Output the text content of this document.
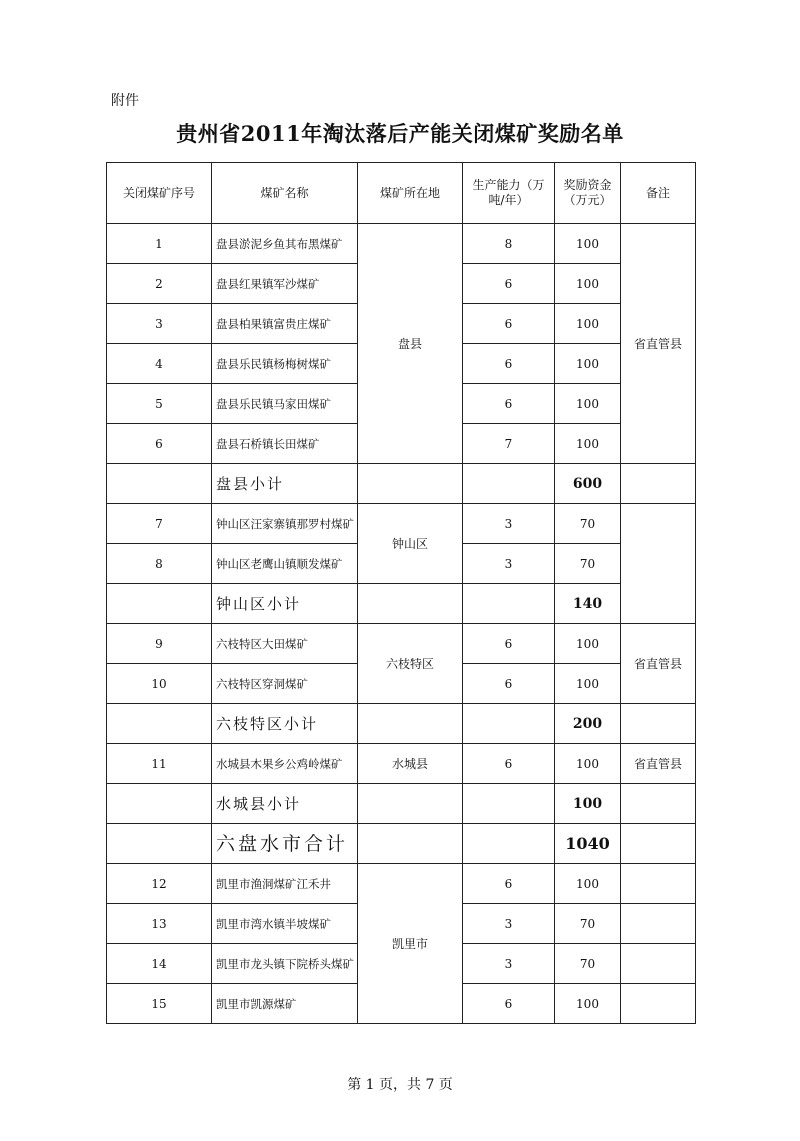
附件
贵州省2011年淘汰落后产能关闭煤矿奖励名单
关闭煤矿序号	煤矿名称	煤矿所在地	生产能力（万吨/年）	奖励资金（万元）	备注
1	盘县淤泥乡鱼其布黑煤矿	盘县	8	100	省直管县
2	盘县红果镇军沙煤矿		6	100	
3	盘县柏果镇富贵庄煤矿		6	100	
4	盘县乐民镇杨梅树煤矿		6	100	
5	盘县乐民镇马家田煤矿		6	100	
6	盘县石桥镇长田煤矿		7	100	
	盘县小计			600	
7	钟山区汪家寨镇那罗村煤矿	钟山区	3	70	
8	钟山区老鹰山镇顺发煤矿		3	70	
	钟山区小计			140	
9	六枝特区大田煤矿	六枝特区	6	100	省直管县
10	六枝特区穿洞煤矿		6	100	
	六枝特区小计			200	
11	水城县木果乡公鸡岭煤矿	水城县	6	100	省直管县
	水城县小计			100	
	六盘水市合计			1040	
12	凯里市渔洞煤矿江禾井	凯里市	6	100	
13	凯里市湾水镇半坡煤矿		3	70	
14	凯里市龙头镇下院桥头煤矿		3	70	
15	凯里市凯源煤矿		6	100	
第 1 页，共 7 页
